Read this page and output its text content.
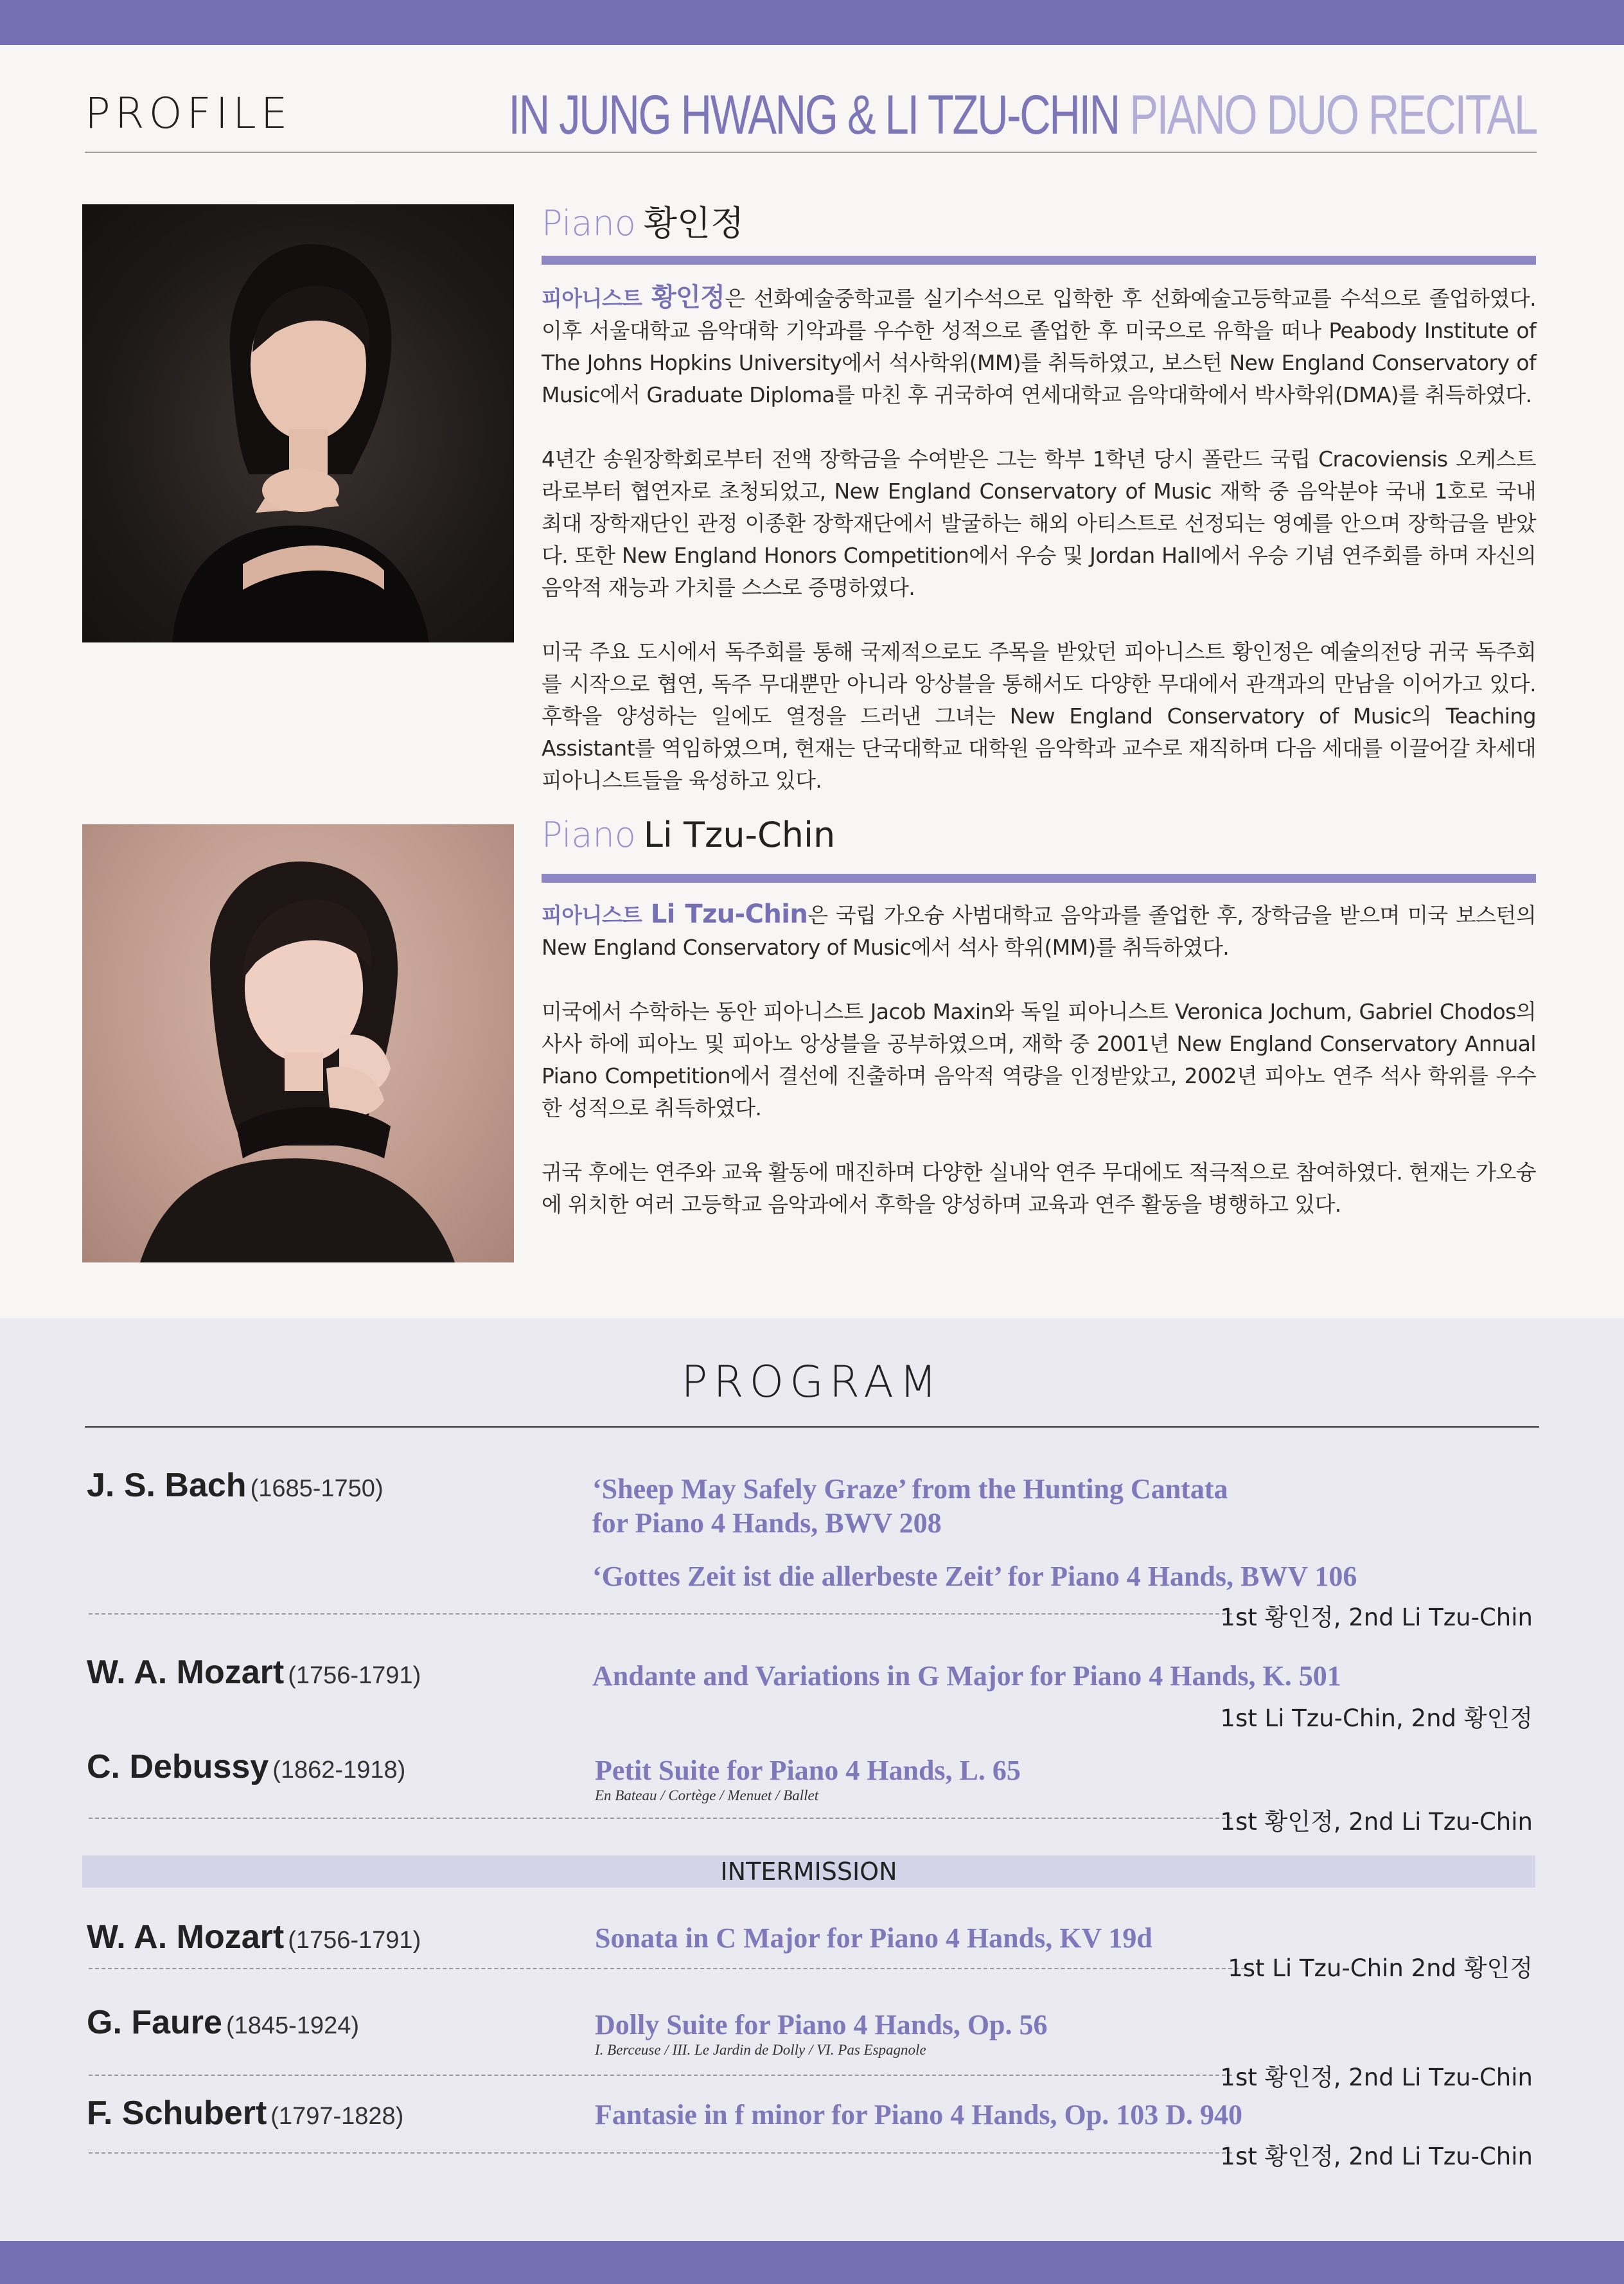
PROFILE	IN JUNG HWANG & LI TZU-CHIN PIANO DUO RECITAL
Piano 황인정

피아니스트 황인정은 선화예술중학교를 실기수석으로 입학한 후 선화예술고등학교를 수석으로 졸업하였다. 이후 서울대학교 음악대학 기악과를 우수한 성적으로 졸업한 후 미국으로 유학을 떠나 Peabody Institute of The Johns Hopkins University에서 석사학위(MM)를 취득하였고, 보스턴 New England Conservatory of Music에서 Graduate Diploma를 마친 후 귀국하여 연세대학교 음악대학에서 박사학위(DMA)를 취득하였다.

4년간 송원장학회로부터 전액 장학금을 수여받은 그는 학부 1학년 당시 폴란드 국립 Cracoviensis 오케스트라로부터 협연자로 초청되었고, New England Conservatory of Music 재학 중 음악분야 국내 1호로 국내 최대 장학재단인 관정 이종환 장학재단에서 발굴하는 해외 아티스트로 선정되는 영예를 안으며 장학금을 받았다. 또한 New England Honors Competition에서 우승 및 Jordan Hall에서 우승 기념 연주회를 하며 자신의 음악적 재능과 가치를 스스로 증명하였다.

미국 주요 도시에서 독주회를 통해 국제적으로도 주목을 받았던 피아니스트 황인정은 예술의전당 귀국 독주회를 시작으로 협연, 독주 무대뿐만 아니라 앙상블을 통해서도 다양한 무대에서 관객과의 만남을 이어가고 있다. 후학을 양성하는 일에도 열정을 드러낸 그녀는 New England Conservatory of Music의 Teaching Assistant를 역임하였으며, 현재는 단국대학교 대학원 음악학과 교수로 재직하며 다음 세대를 이끌어갈 차세대 피아니스트들을 육성하고 있다.

Piano Li Tzu-Chin

피아니스트 Li Tzu-Chin은 국립 가오슝 사범대학교 음악과를 졸업한 후, 장학금을 받으며 미국 보스턴의 New England Conservatory of Music에서 석사 학위(MM)를 취득하였다.

미국에서 수학하는 동안 피아니스트 Jacob Maxin와 독일 피아니스트 Veronica Jochum, Gabriel Chodos의 사사 하에 피아노 및 피아노 앙상블을 공부하였으며, 재학 중 2001년 New England Conservatory Annual Piano Competition에서 결선에 진출하며 음악적 역량을 인정받았고, 2002년 피아노 연주 석사 학위를 우수한 성적으로 취득하였다.

귀국 후에는 연주와 교육 활동에 매진하며 다양한 실내악 연주 무대에도 적극적으로 참여하였다. 현재는 가오슝에 위치한 여러 고등학교 음악과에서 후학을 양성하며 교육과 연주 활동을 병행하고 있다.

PROGRAM
J. S. Bach (1685-1750)	‘Sheep May Safely Graze’ from the Hunting Cantata
for Piano 4 Hands, BWV 208
‘Gottes Zeit ist die allerbeste Zeit’ for Piano 4 Hands, BWV 106
1st 황인정, 2nd Li Tzu-Chin
W. A. Mozart (1756-1791)	Andante and Variations in G Major for Piano 4 Hands, K. 501
1st Li Tzu-Chin, 2nd 황인정
C. Debussy (1862-1918)	Petit Suite for Piano 4 Hands, L. 65
En Bateau / Cortège / Menuet / Ballet
1st 황인정, 2nd Li Tzu-Chin
INTERMISSION
W. A. Mozart (1756-1791)	Sonata in C Major for Piano 4 Hands, KV 19d
1st Li Tzu-Chin 2nd 황인정
G. Faure (1845-1924)	Dolly Suite for Piano 4 Hands, Op. 56
I. Berceuse / III. Le Jardin de Dolly / VI. Pas Espagnole
1st 황인정, 2nd Li Tzu-Chin
F. Schubert (1797-1828)	Fantasie in f minor for Piano 4 Hands, Op. 103 D. 940
1st 황인정, 2nd Li Tzu-Chin
